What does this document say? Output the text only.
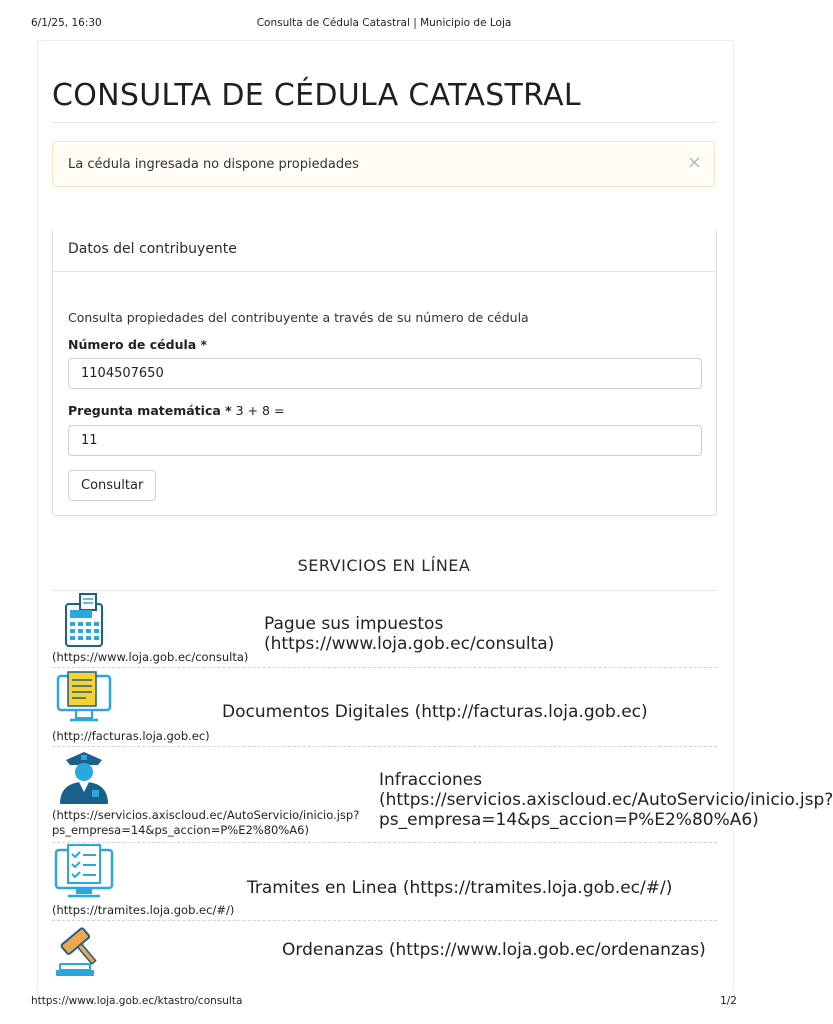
6/1/25, 16:30	Consulta de Cédula Catastral | Municipio de Loja
CONSULTA DE CÉDULA CATASTRAL
La cédula ingresada no dispone propiedades	×
Datos del contribuyente
Consulta propiedades del contribuyente a través de su número de cédula
Número de cédula *
1104507650
Pregunta matemática * 3 + 8 =
11
Consultar
SERVICIOS EN LÍNEA
(https://www.loja.gob.ec/consulta)
Pague sus impuestos
(https://www.loja.gob.ec/consulta)
(http://facturas.loja.gob.ec)
Documentos Digitales (http://facturas.loja.gob.ec)
(https://servicios.axiscloud.ec/AutoServicio/inicio.jsp?
ps_empresa=14&ps_accion=P%E2%80%A6)
Infracciones
(https://servicios.axiscloud.ec/AutoServicio/inicio.jsp?
ps_empresa=14&ps_accion=P%E2%80%A6)
(https://tramites.loja.gob.ec/#/)
Tramites en Linea (https://tramites.loja.gob.ec/#/)
Ordenanzas (https://www.loja.gob.ec/ordenanzas)
https://www.loja.gob.ec/ktastro/consulta	1/2
